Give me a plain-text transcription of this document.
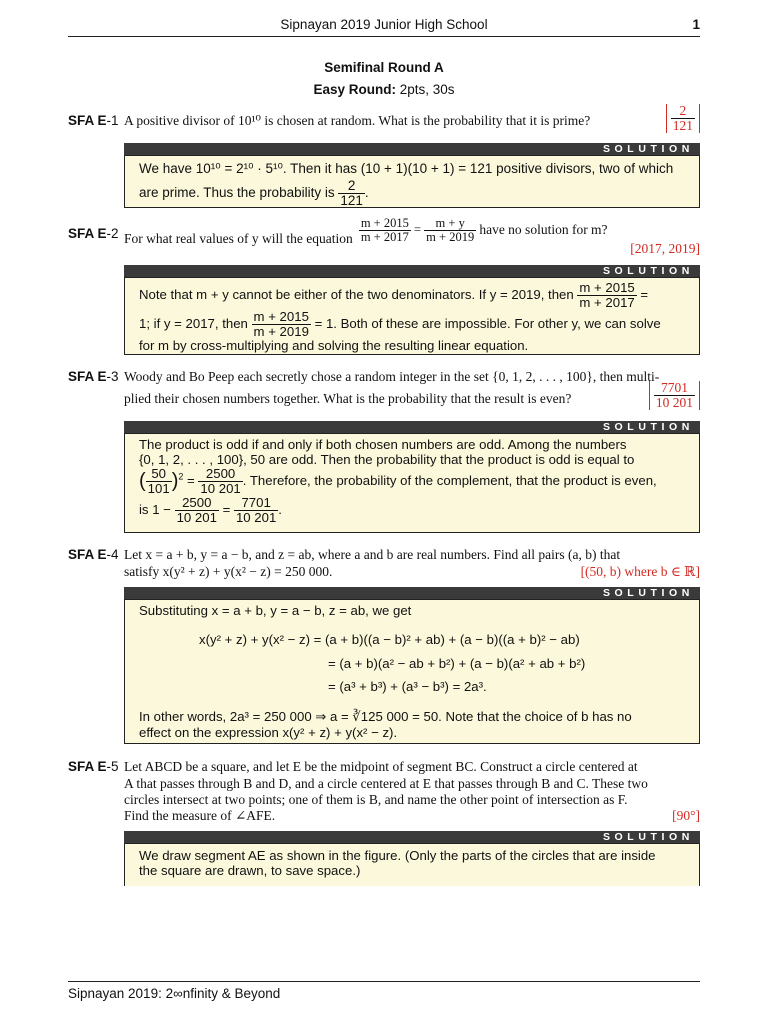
Sipnayan 2019 Junior High School	1
Semifinal Round A
Easy Round: 2pts, 30s
SFA E-1 A positive divisor of 10¹⁰ is chosen at random. What is the probability that it is prime?	$\frac{2}{121}$
SOLUTION

We have 10¹⁰ = 2¹⁰ · 5¹⁰. Then it has (10 + 1)(10 + 1) = 121 positive divisors, two of which

are prime. Thus the probability is $\frac{2}{121}$ .

SFA E-2 For what real values of y will the equation $\frac{m + 2015}{m + 2017} = \frac{m + y}{m + 2019}$ have no solution for m?
[2017, 2019]
SOLUTION

Note that m + y cannot be either of the two denominators. If y = 2019, then $\frac{m + 2015}{m + 2017}$ =

1; if y = 2017, then $\frac{m + 2015}{m + 2019} = 1$. Both of these are impossible. For other y, we can solve

for m by cross-multiplying and solving the resulting linear equation.

SFA E-3 Woody and Bo Peep each secretly chose a random integer in the set {0, 1, 2, . . . , 100}, then multi-
plied their chosen numbers together. What is the probability that the result is even?	$\frac{7701}{10 201}$
SOLUTION

The product is odd if and only if both chosen numbers are odd. Among the numbers

{0, 1, 2, . . . , 100}, 50 are odd. Then the probability that the product is odd is equal to

( $\frac{50}{101} )^2 = \frac{2500}{10 201}$ . Therefore, the probability of the complement, that the product is even,

is $1 - \frac{2500}{10 201} = \frac{7701}{10 201}$ .

SFA E-4 Let x = a + b, y = a − b, and z = ab, where a and b are real numbers. Find all pairs (a, b) that
satisfy x(y² + z) + y(x² − z) = 250 000.	[(50, b) where b ∈ ℝ]
SOLUTION
Substituting x = a + b, y = a − b, z = ab, we get
x(y² + z) + y(x² − z) = (a + b)((a − b)² + ab) + (a − b)((a + b)² − ab)
= (a + b)(a² − ab + b²) + (a − b)(a² + ab + b²)
= (a³ + b³) + (a³ − b³) = 2a³.
In other words, 2a³ = 250 000 ⇒ a = ∛125 000 = 50. Note that the choice of b has no
effect on the expression x(y² + z) + y(x² − z).
SFA E-5 Let ABCD be a square, and let E be the midpoint of segment BC. Construct a circle centered at
A that passes through B and D, and a circle centered at E that passes through B and C. These two
circles intersect at two points; one of them is B, and name the other point of intersection as F.
Find the measure of ∠AFE.	[90°]
SOLUTION

We draw segment AE as shown in the figure. (Only the parts of the circles that are inside

the square are drawn, to save space.)

Sipnayan 2019: 2∞nfinity & Beyond
